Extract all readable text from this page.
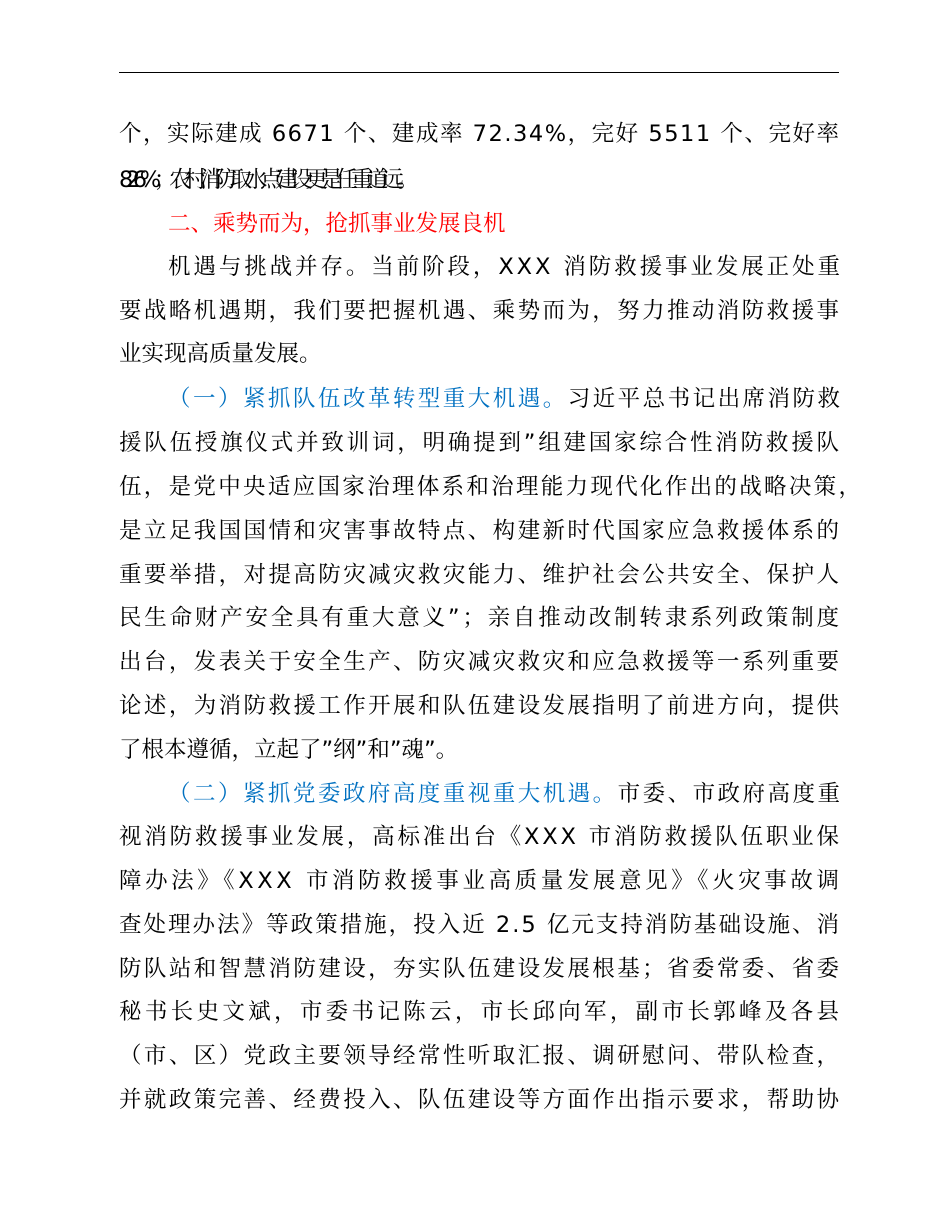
个，实际建成 6671 个、建成率 72.34%，完好 5511 个、完好率
82.6%；农村消防取水点建设更是任重道远。
二、乘势而为，抢抓事业发展良机
机遇与挑战并存。当前阶段，XXX 消防救援事业发展正处重
要战略机遇期，我们要把握机遇、乘势而为，努力推动消防救援事
业实现高质量发展。
（一）紧抓队伍改革转型重大机遇。习近平总书记出席消防救
援队伍授旗仪式并致训词，明确提到”组建国家综合性消防救援队
伍，是党中央适应国家治理体系和治理能力现代化作出的战略决策，
是立足我国国情和灾害事故特点、构建新时代国家应急救援体系的
重要举措，对提高防灾减灾救灾能力、维护社会公共安全、保护人
民生命财产安全具有重大意义”；亲自推动改制转隶系列政策制度
出台，发表关于安全生产、防灾减灾救灾和应急救援等一系列重要
论述，为消防救援工作开展和队伍建设发展指明了前进方向，提供
了根本遵循，立起了”纲”和”魂”。
（二）紧抓党委政府高度重视重大机遇。市委、市政府高度重
视消防救援事业发展，高标准出台《XXX 市消防救援队伍职业保
障办法》《XXX 市消防救援事业高质量发展意见》《火灾事故调
查处理办法》等政策措施，投入近 2.5 亿元支持消防基础设施、消
防队站和智慧消防建设，夯实队伍建设发展根基；省委常委、省委
秘书长史文斌，市委书记陈云，市长邱向军，副市长郭峰及各县
（市、区）党政主要领导经常性听取汇报、调研慰问、带队检查，
并就政策完善、经费投入、队伍建设等方面作出指示要求，帮助协
